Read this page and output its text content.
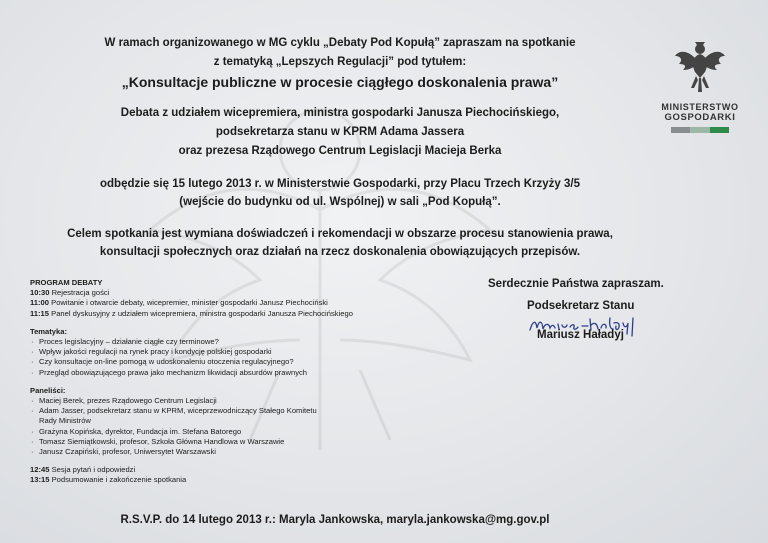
MINISTERSTWO
GOSPODARKI
W ramach organizowanego w MG cyklu „Debaty Pod Kopułą” zapraszam na spotkanie
z tematyką „Lepszych Regulacji” pod tytułem:
„Konsultacje publiczne w procesie ciągłego doskonalenia prawa”
Debata z udziałem wicepremiera, ministra gospodarki Janusza Piechocińskiego,
podsekretarza stanu w KPRM Adama Jassera
oraz prezesa Rządowego Centrum Legislacji Macieja Berka
odbędzie się 15 lutego 2013 r. w Ministerstwie Gospodarki, przy Placu Trzech Krzyży 3/5
(wejście do budynku od ul. Wspólnej) w sali „Pod Kopułą”.
Celem spotkania jest wymiana doświadczeń i rekomendacji w obszarze procesu stanowienia prawa,
konsultacji społecznych oraz działań na rzecz doskonalenia obowiązujących przepisów.
PROGRAM DEBATY
10:30 Rejestracja gości
11:00 Powitanie i otwarcie debaty, wicepremier, minister gospodarki Janusz Piechociński
11:15 Panel dyskusyjny z udziałem wicepremiera, ministra gospodarki Janusza Piechocińskiego
Tematyka:
· Proces legislacyjny – działanie ciągłe czy terminowe?
· Wpływ jakości regulacji na rynek pracy i kondycję polskiej gospodarki
· Czy konsultacje on-line pomogą w udoskonaleniu otoczenia regulacyjnego?
· Przegląd obowiązującego prawa jako mechanizm likwidacji absurdów prawnych
Paneliści:
· Maciej Berek, prezes Rządowego Centrum Legislacji
· Adam Jasser, podsekretarz stanu w KPRM, wiceprzewodniczący Stałego Komitetu
Rady Ministrów
· Grażyna Kopińska, dyrektor, Fundacja im. Stefana Batorego
· Tomasz Siemiątkowski, profesor, Szkoła Główna Handlowa w Warszawie
· Janusz Czapiński, profesor, Uniwersytet Warszawski
12:45 Sesja pytań i odpowiedzi
13:15 Podsumowanie i zakończenie spotkania
Serdecznie Państwa zapraszam.
Podsekretarz Stanu
Mariusz Haładyj
R.S.V.P. do 14 lutego 2013 r.: Maryla Jankowska, maryla.jankowska@mg.gov.pl
